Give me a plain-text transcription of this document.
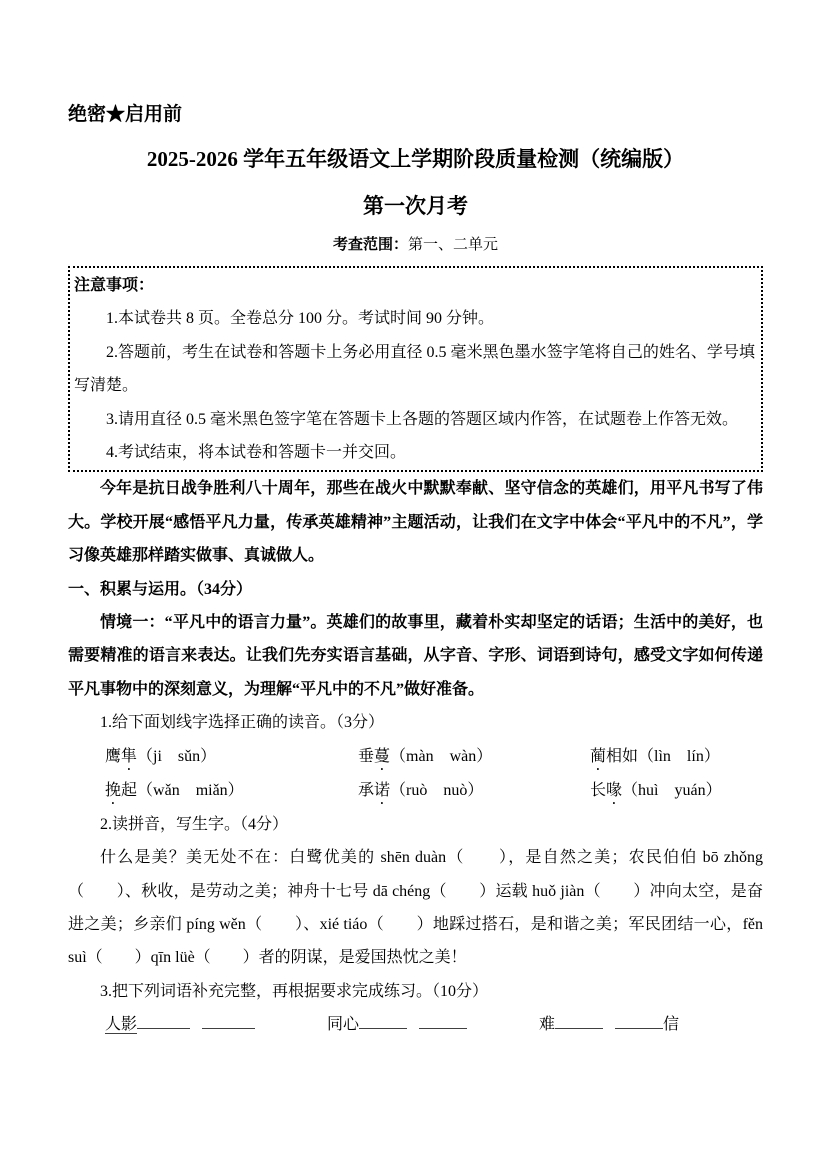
绝密★启用前
2025-2026 学年五年级语文上学期阶段质量检测（统编版）
第一次月考
考查范围：第一、二单元

注意事项：

1.本试卷共 8 页。全卷总分 100 分。考试时间 90 分钟。

2.答题前，考生在试卷和答题卡上务必用直径 0.5 毫米黑色墨水签字笔将自己的姓名、学号填写清楚。

3.请用直径 0.5 毫米黑色签字笔在答题卡上各题的答题区域内作答，在试题卷上作答无效。

4.考试结束，将本试卷和答题卡一并交回。

今年是抗日战争胜利八十周年，那些在战火中默默奉献、坚守信念的英雄们，用平凡书写了伟大。学校开展“感悟平凡力量，传承英雄精神”主题活动，让我们在文字中体会“平凡中的不凡”，学习像英雄那样踏实做事、真诚做人。

一、积累与运用。（34分）

情境一：“平凡中的语言力量”。英雄们的故事里，藏着朴实却坚定的话语；生活中的美好，也需要精准的语言来表达。让我们先夯实语言基础，从字音、字形、词语到诗句，感受文字如何传递平凡事物中的深刻意义，为理解“平凡中的不凡”做好准备。

1.给下面划线字选择正确的读音。（3分）

鹰隼（ji　sǔn）	垂蔓（màn　wàn）	蔺相如（lìn　lín）
挽起（wǎn　miǎn）	承诺（ruò　nuò）	长喙（huì　yuán）

2.读拼音，写生字。（4分）

什么是美？美无处不在：白鹭优美的 shēn duàn（　　），是自然之美；农民伯伯 bō zhǒng（　　）、秋收，是劳动之美；神舟十七号 dā chéng（　　）运载 huǒ jiàn（　　）冲向太空，是奋进之美；乡亲们 píng wěn（　　）、xié tiáo（　　）地踩过搭石，是和谐之美；军民团结一心，fěn suì（　　）qīn lüè（　　）者的阴谋，是爱国热忱之美！

3.把下列词语补充完整，再根据要求完成练习。（10分）

人影	同心	难	信
